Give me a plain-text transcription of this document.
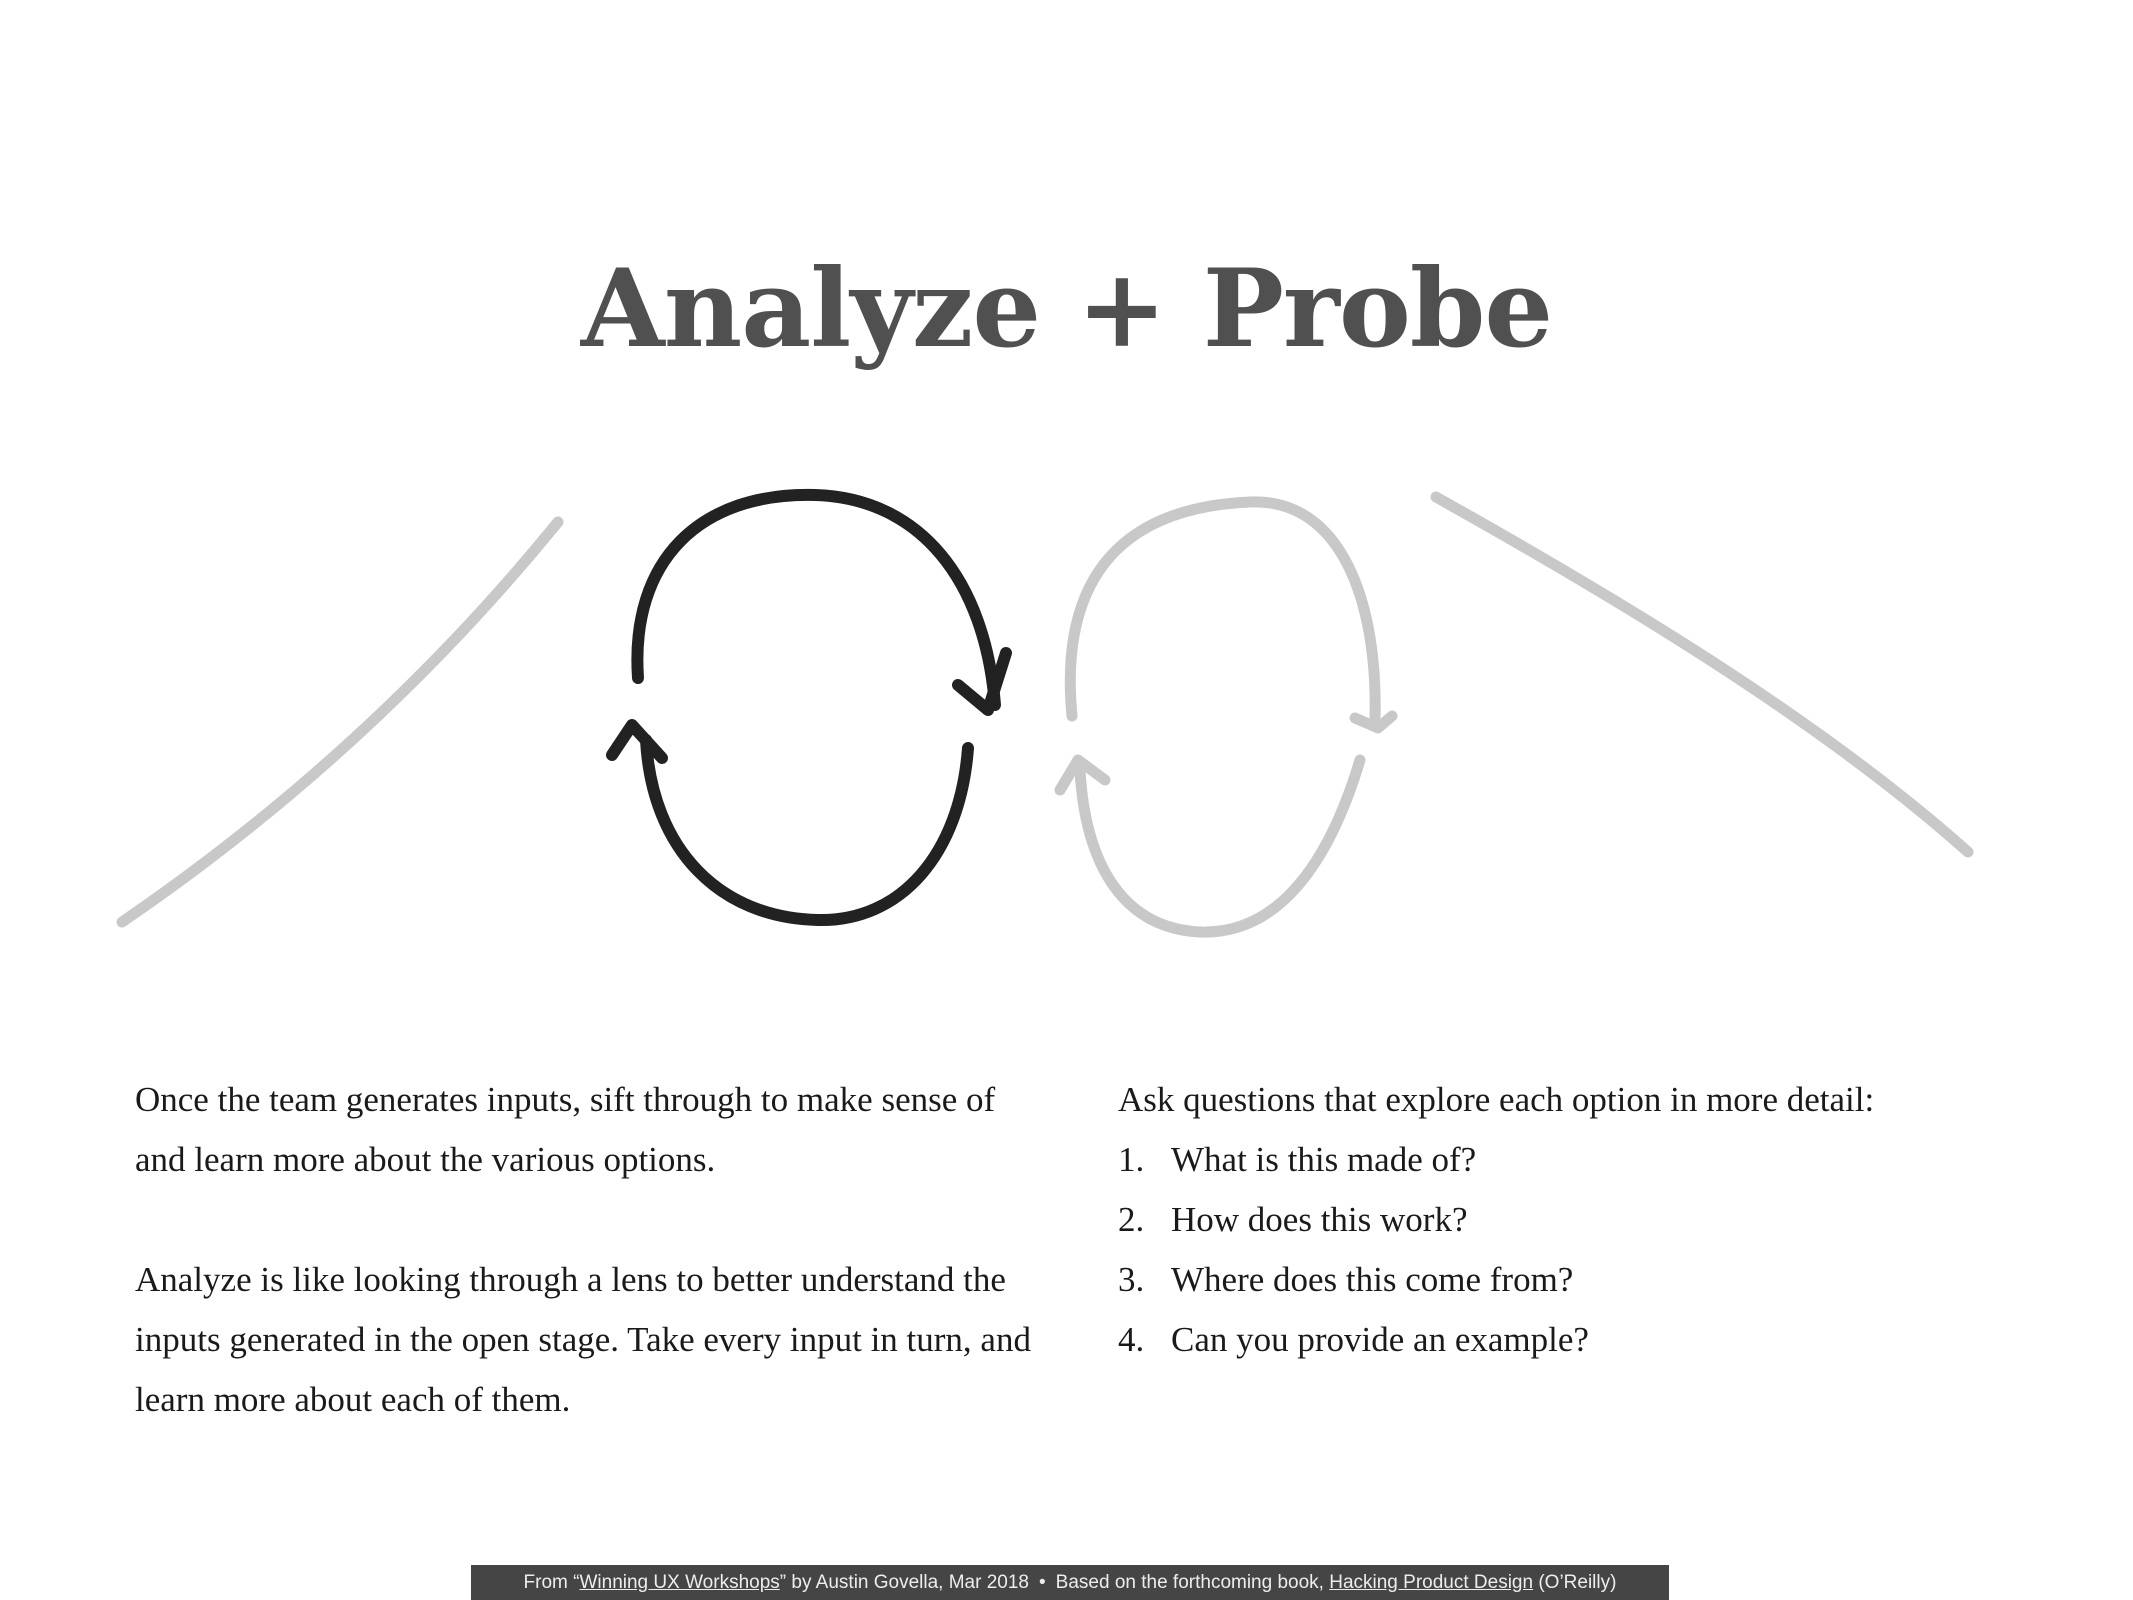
Analyze + Probe

Once the team generates inputs, sift through to make sense of and learn more about the various options.

Analyze is like looking through a lens to better understand the inputs generated in the open stage. Take every input in turn, and learn more about each of them.

Ask questions that explore each option in more detail:
1. What is this made of?
2. How does this work?
3. Where does this come from?
4. Can you provide an example?
From “Winning UX Workshops” by Austin Govella, Mar 2018 • Based on the forthcoming book, Hacking Product Design (O’Reilly)
